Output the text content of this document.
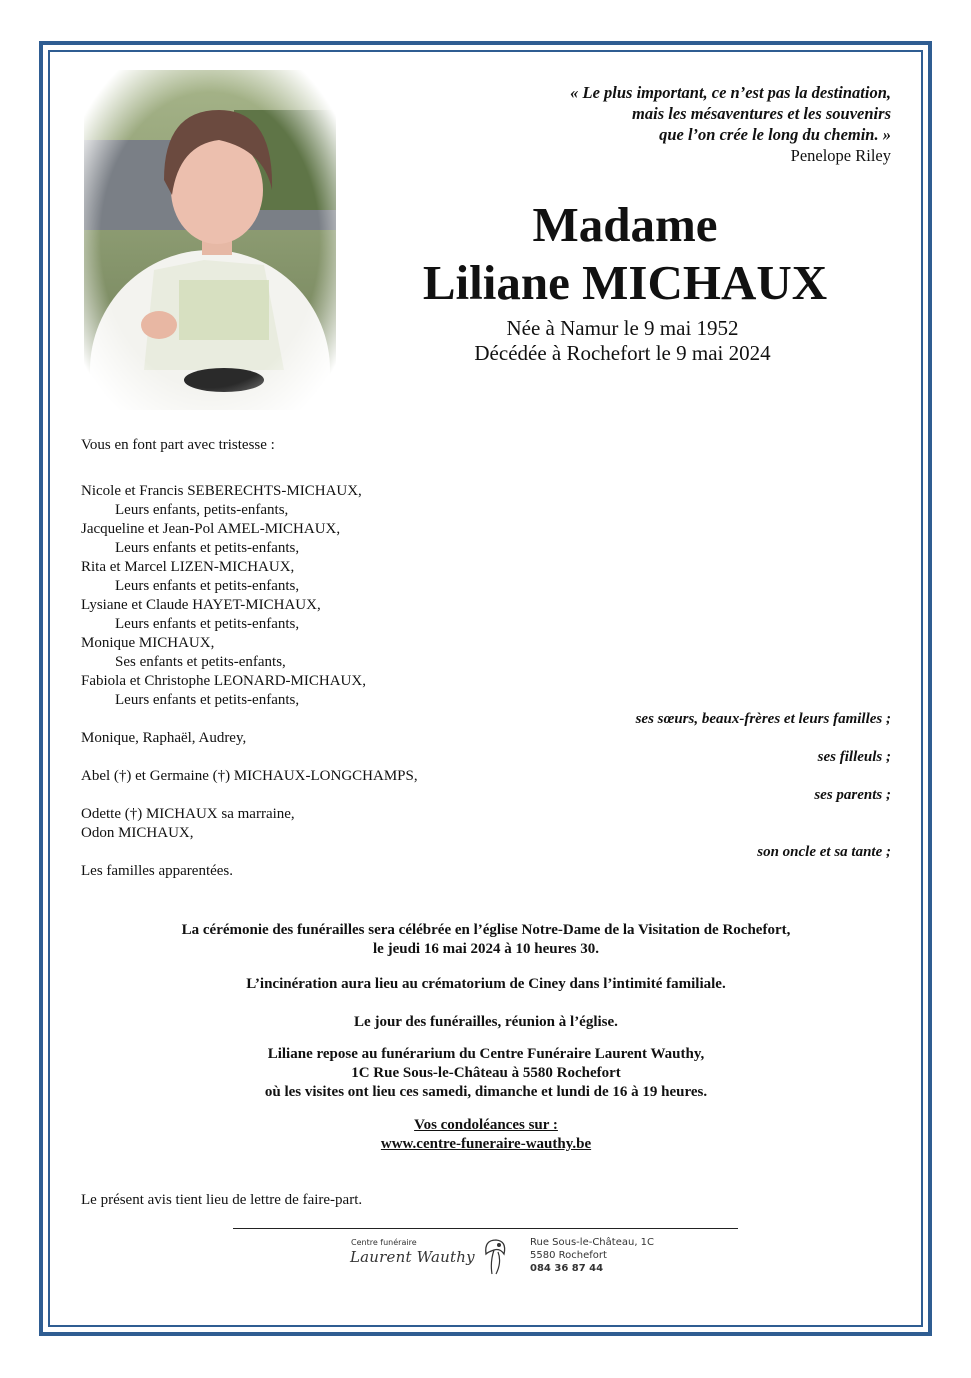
« Le plus important, ce n’est pas la destination,
mais les mésaventures et les souvenirs
que l’on crée le long du chemin. »
Penelope Riley
Madame
Liliane MICHAUX
Née à Namur le 9 mai 1952
Décédée à Rochefort le 9 mai 2024
Vous en font part avec tristesse :
Nicole et Francis SEBERECHTS-MICHAUX,
Leurs enfants, petits-enfants,
Jacqueline et Jean-Pol AMEL-MICHAUX,
Leurs enfants et petits-enfants,
Rita et Marcel LIZEN-MICHAUX,
Leurs enfants et petits-enfants,
Lysiane et Claude HAYET-MICHAUX,
Leurs enfants et petits-enfants,
Monique MICHAUX,
Ses enfants et petits-enfants,
Fabiola et Christophe LEONARD-MICHAUX,
Leurs enfants et petits-enfants,
ses sœurs, beaux-frères et leurs familles ;
Monique, Raphaël, Audrey,
ses filleuls ;
Abel (†) et Germaine (†) MICHAUX-LONGCHAMPS,
ses parents ;
Odette (†) MICHAUX sa marraine,
Odon MICHAUX,
son oncle et sa tante ;
Les familles apparentées.
La cérémonie des funérailles sera célébrée en l’église Notre-Dame de la Visitation de Rochefort,
le jeudi 16 mai 2024 à 10 heures 30.
L’incinération aura lieu au crématorium de Ciney dans l’intimité familiale.
Le jour des funérailles, réunion à l’église.
Liliane repose au funérarium du Centre Funéraire Laurent Wauthy,
1C Rue Sous-le-Château à 5580 Rochefort
où les visites ont lieu ces samedi, dimanche et lundi de 16 à 19 heures.
Vos condoléances sur :
www.centre-funeraire-wauthy.be
Le présent avis tient lieu de lettre de faire-part.
Centre funéraire
Laurent Wauthy
Rue Sous-le-Château, 1C
5580 Rochefort
084 36 87 44
